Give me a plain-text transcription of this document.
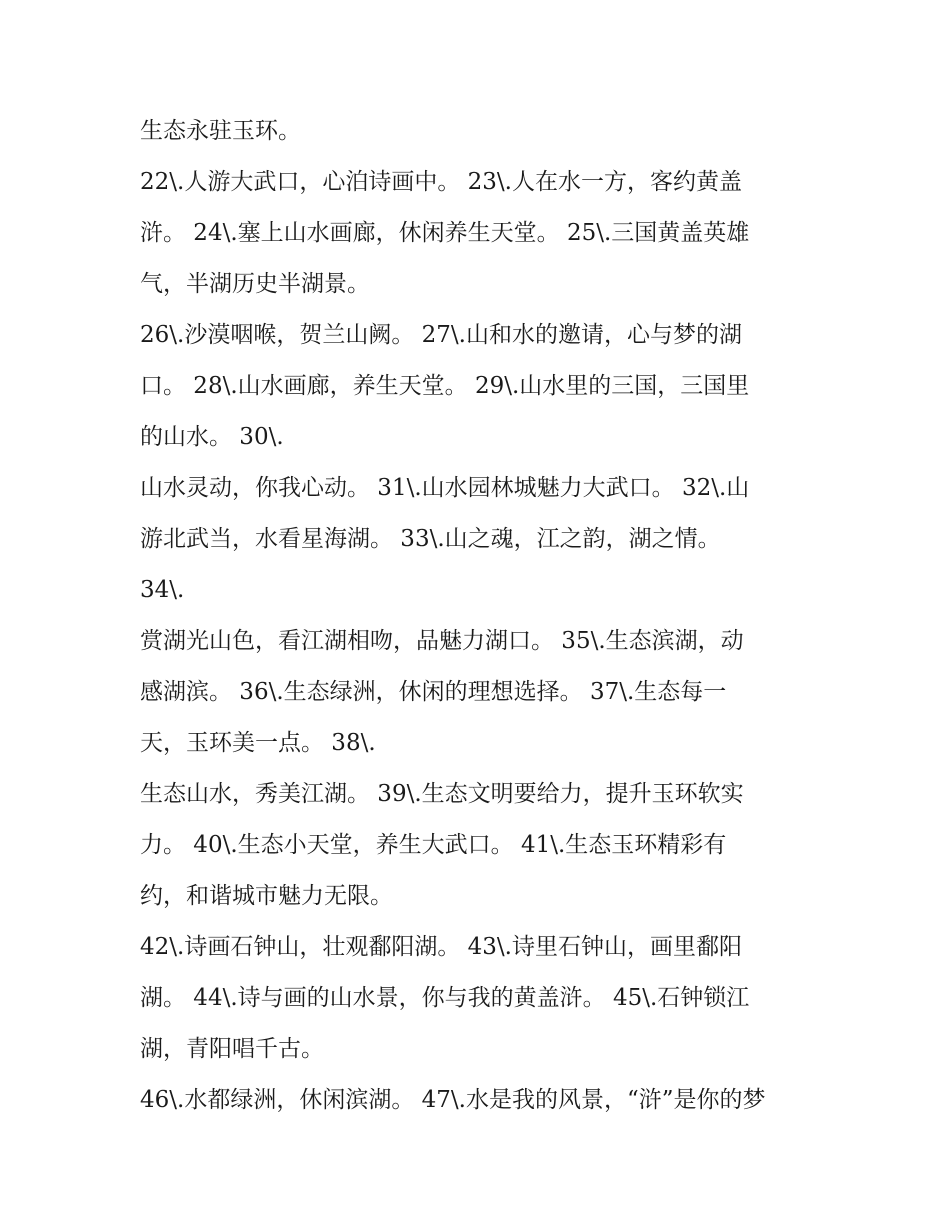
生态永驻玉环。
22\.人游大武口，心泊诗画中。 23\.人在水一方，客约黄盖
浒。 24\.塞上山水画廊，休闲养生天堂。 25\.三国黄盖英雄
气，半湖历史半湖景。
26\.沙漠咽喉，贺兰山阙。 27\.山和水的邀请，心与梦的湖
口。 28\.山水画廊，养生天堂。 29\.山水里的三国，三国里
的山水。 30\.
山水灵动，你我心动。 31\.山水园林城魅力大武口。 32\.山
游北武当，水看星海湖。 33\.山之魂，江之韵，湖之情。
34\.
赏湖光山色，看江湖相吻，品魅力湖口。 35\.生态滨湖，动
感湖滨。 36\.生态绿洲，休闲的理想选择。 37\.生态每一
天，玉环美一点。 38\.
生态山水，秀美江湖。 39\.生态文明要给力，提升玉环软实
力。 40\.生态小天堂，养生大武口。 41\.生态玉环精彩有
约，和谐城市魅力无限。
42\.诗画石钟山，壮观鄱阳湖。 43\.诗里石钟山，画里鄱阳
湖。 44\.诗与画的山水景，你与我的黄盖浒。 45\.石钟锁江
湖，青阳唱千古。
46\.水都绿洲，休闲滨湖。 47\.水是我的风景，“浒”是你的梦
